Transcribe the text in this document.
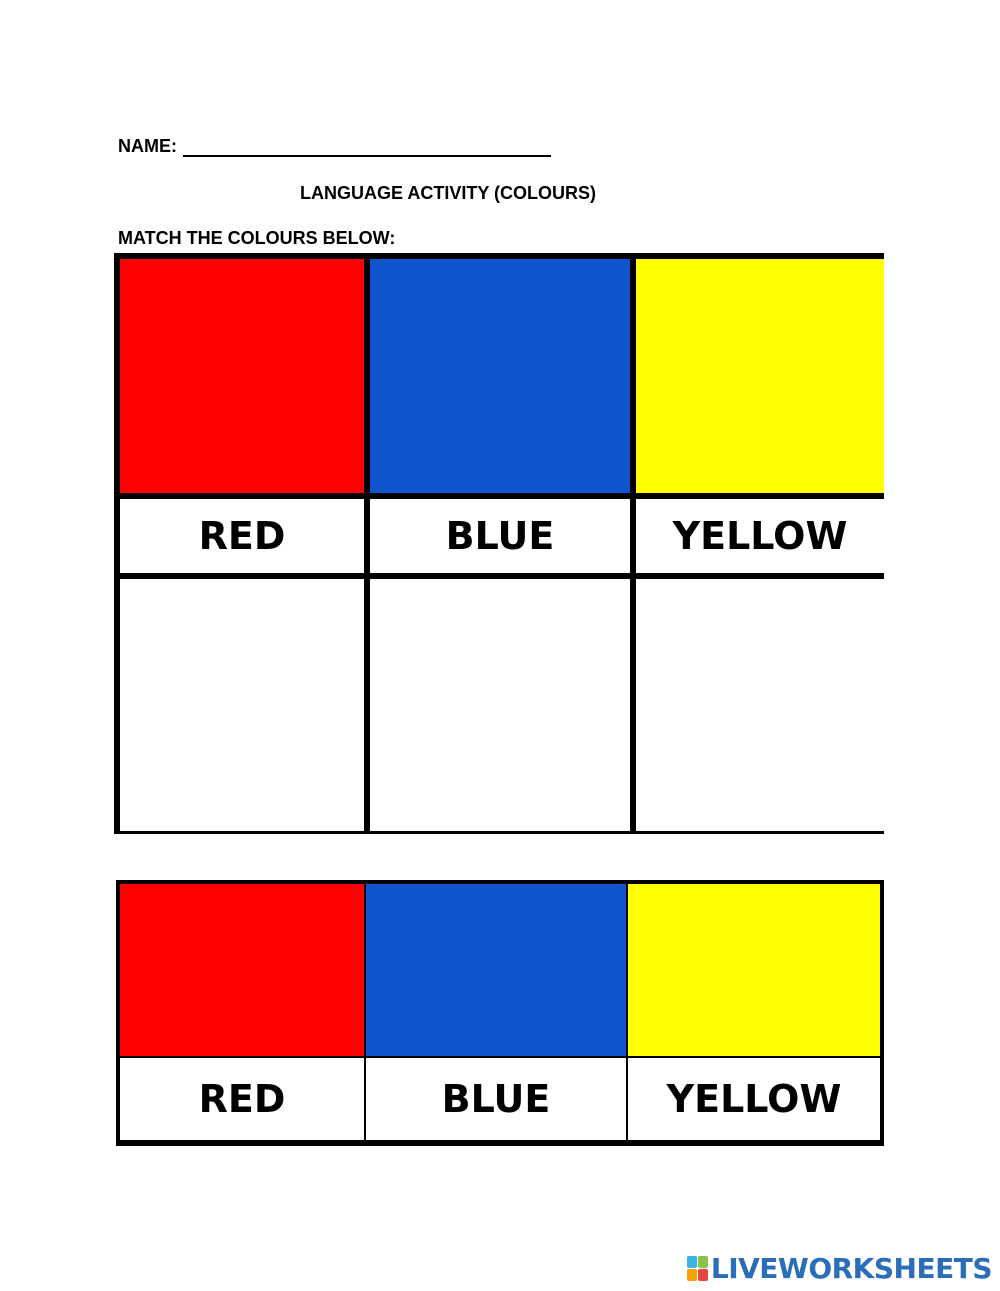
NAME:
LANGUAGE ACTIVITY (COLOURS)
MATCH THE COLOURS BELOW:
RED	BLUE	YELLOW
RED	BLUE	YELLOW
LIVEWORKSHEETS
